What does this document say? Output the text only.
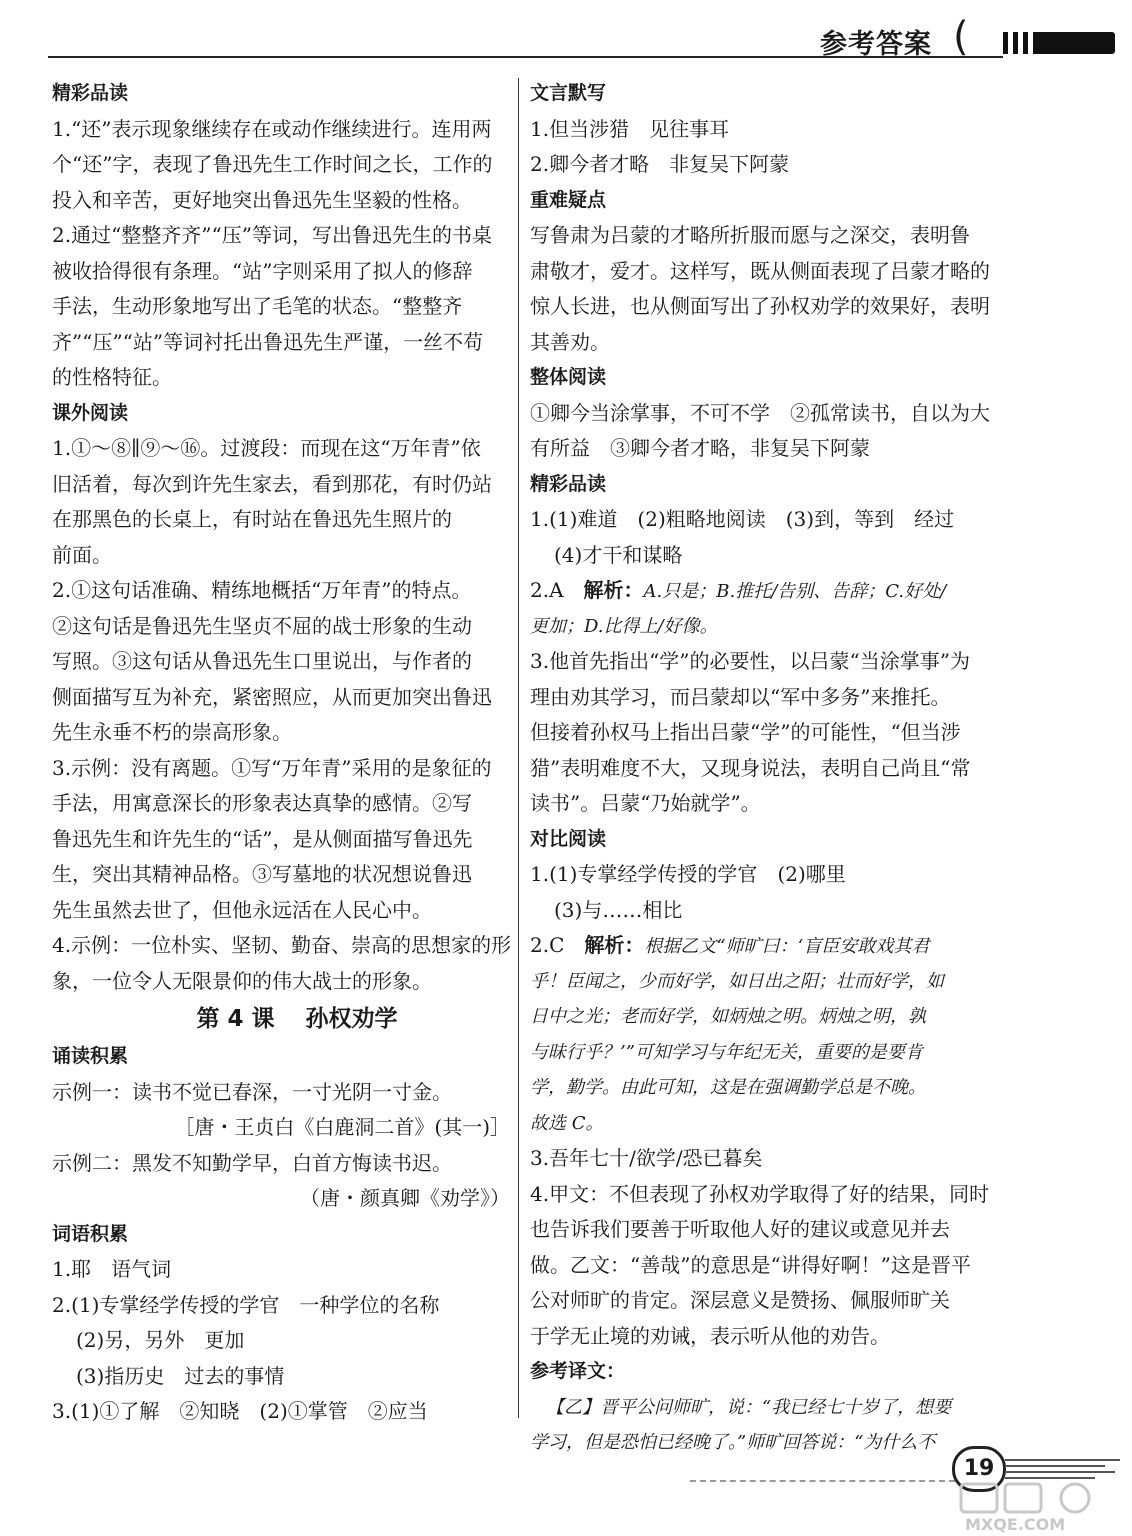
参考答案 (
精彩品读
1.“还”表示现象继续存在或动作继续进行。连用两
个“还”字，表现了鲁迅先生工作时间之长，工作的
投入和辛苦，更好地突出鲁迅先生坚毅的性格。
2.通过“整整齐齐”“压”等词，写出鲁迅先生的书桌
被收拾得很有条理。“站”字则采用了拟人的修辞
手法，生动形象地写出了毛笔的状态。“整整齐
齐”“压”“站”等词衬托出鲁迅先生严谨，一丝不苟
的性格特征。
课外阅读
1.①～⑧∥⑨～⑯。过渡段：而现在这“万年青”依
旧活着，每次到许先生家去，看到那花，有时仍站
在那黑色的长桌上，有时站在鲁迅先生照片的
前面。
2.①这句话准确、精练地概括“万年青”的特点。
②这句话是鲁迅先生坚贞不屈的战士形象的生动
写照。③这句话从鲁迅先生口里说出，与作者的
侧面描写互为补充，紧密照应，从而更加突出鲁迅
先生永垂不朽的崇高形象。
3.示例：没有离题。①写“万年青”采用的是象征的
手法，用寓意深长的形象表达真挚的感情。②写
鲁迅先生和许先生的“话”，是从侧面描写鲁迅先
生，突出其精神品格。③写墓地的状况想说鲁迅
先生虽然去世了，但他永远活在人民心中。
4.示例：一位朴实、坚韧、勤奋、崇高的思想家的形
象，一位令人无限景仰的伟大战士的形象。
第 4 课　 孙权劝学
诵读积累
示例一：读书不觉已春深，一寸光阴一寸金。
［唐・王贞白《白鹿洞二首》(其一)］
示例二：黑发不知勤学早，白首方悔读书迟。
（唐・颜真卿《劝学》）
词语积累
1.耶　语气词
2.(1)专掌经学传授的学官　一种学位的名称
(2)另，另外　更加
(3)指历史　过去的事情
3.(1)①了解　②知晓　(2)①掌管　②应当
文言默写
1.但当涉猎　见往事耳
2.卿今者才略　非复吴下阿蒙
重难疑点
写鲁肃为吕蒙的才略所折服而愿与之深交，表明鲁
肃敬才，爱才。这样写，既从侧面表现了吕蒙才略的
惊人长进，也从侧面写出了孙权劝学的效果好，表明
其善劝。
整体阅读
①卿今当涂掌事，不可不学　②孤常读书，自以为大
有所益　③卿今者才略，非复吴下阿蒙
精彩品读
1.(1)难道　(2)粗略地阅读　(3)到，等到　经过
(4)才干和谋略
2.A　解析：A.只是；B.推托/告别、告辞；C.好处/
更加；D.比得上/好像。
3.他首先指出“学”的必要性，以吕蒙“当涂掌事”为
理由劝其学习，而吕蒙却以“军中多务”来推托。
但接着孙权马上指出吕蒙“学”的可能性，“但当涉
猎”表明难度不大，又现身说法，表明自己尚且“常
读书”。吕蒙“乃始就学”。
对比阅读
1.(1)专掌经学传授的学官　(2)哪里
(3)与……相比
2.C　解析：根据乙文“师旷曰：‘盲臣安敢戏其君
乎！臣闻之，少而好学，如日出之阳；壮而好学，如
日中之光；老而好学，如炳烛之明。炳烛之明，孰
与昧行乎？’”可知学习与年纪无关，重要的是要肯
学，勤学。由此可知，这是在强调勤学总是不晚。
故选 C。
3.吾年七十/欲学/恐已暮矣
4.甲文：不但表现了孙权劝学取得了好的结果，同时
也告诉我们要善于听取他人好的建议或意见并去
做。乙文：“善哉”的意思是“讲得好啊！”这是晋平
公对师旷的肯定。深层意义是赞扬、佩服师旷关
于学无止境的劝诫，表示听从他的劝告。
参考译文：
【乙】晋平公问师旷，说：“我已经七十岁了，想要
学习，但是恐怕已经晚了。”师旷回答说：“为什么不
19
MXQE.COM
